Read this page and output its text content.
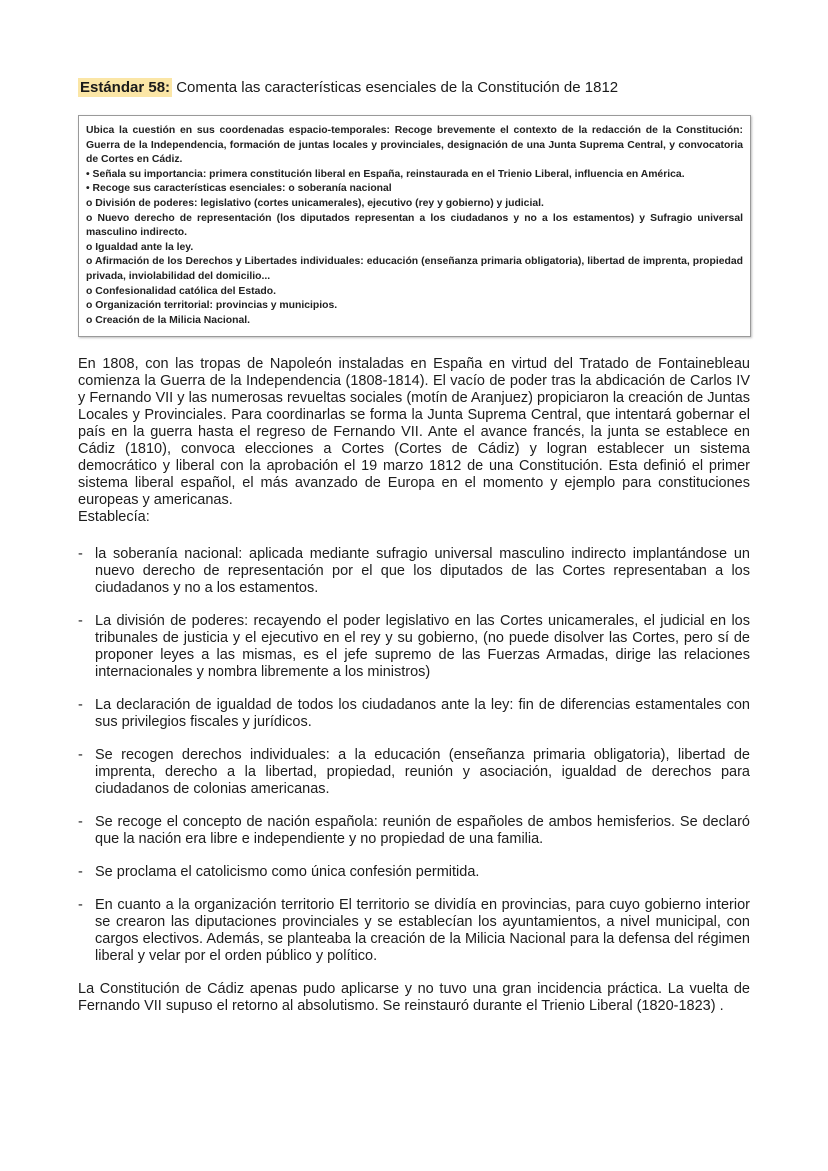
Estándar 58: Comenta las características esenciales de la Constitución de 1812

Ubica la cuestión en sus coordenadas espacio-temporales: Recoge brevemente el contexto de la redacción de la Constitución: Guerra de la Independencia, formación de juntas locales y provinciales, designación de una Junta Suprema Central, y convocatoria de Cortes en Cádiz.

• Señala su importancia: primera constitución liberal en España, reinstaurada en el Trienio Liberal, influencia en América.

• Recoge sus características esenciales: o soberanía nacional

o División de poderes: legislativo (cortes unicamerales), ejecutivo (rey y gobierno) y judicial.

o Nuevo derecho de representación (los diputados representan a los ciudadanos y no a los estamentos) y Sufragio universal masculino indirecto.

o Igualdad ante la ley.

o Afirmación de los Derechos y Libertades individuales: educación (enseñanza primaria obligatoria), libertad de imprenta, propiedad privada, inviolabilidad del domicilio...

o Confesionalidad católica del Estado.

o Organización territorial: provincias y municipios.

o Creación de la Milicia Nacional.

En 1808, con las tropas de Napoleón instaladas en España en virtud del Tratado de Fontainebleau comienza la Guerra de la Independencia (1808-1814). El vacío de poder tras la abdicación de Carlos IV y Fernando VII y las numerosas revueltas sociales (motín de Aranjuez) propiciaron la creación de Juntas Locales y Provinciales. Para coordinarlas se forma la Junta Suprema Central, que intentará gobernar el país en la guerra hasta el regreso de Fernando VII. Ante el avance francés, la junta se establece en Cádiz (1810), convoca elecciones a Cortes (Cortes de Cádiz) y logran establecer un sistema democrático y liberal con la aprobación el 19 marzo 1812 de una Constitución. Esta definió el primer sistema liberal español, el más avanzado de Europa en el momento y ejemplo para constituciones europeas y americanas.
Establecía:

- la soberanía nacional: aplicada mediante sufragio universal masculino indirecto implantándose un nuevo derecho de representación por el que los diputados de las Cortes representaban a los ciudadanos y no a los estamentos.
- La división de poderes: recayendo el poder legislativo en las Cortes unicamerales, el judicial en los tribunales de justicia y el ejecutivo en el rey y su gobierno, (no puede disolver las Cortes, pero sí de proponer leyes a las mismas, es el jefe supremo de las Fuerzas Armadas, dirige las relaciones internacionales y nombra libremente a los ministros)
- La declaración de igualdad de todos los ciudadanos ante la ley: fin de diferencias estamentales con sus privilegios fiscales y jurídicos.
- Se recogen derechos individuales: a la educación (enseñanza primaria obligatoria), libertad de imprenta, derecho a la libertad, propiedad, reunión y asociación, igualdad de derechos para ciudadanos de colonias americanas.
- Se recoge el concepto de nación española: reunión de españoles de ambos hemisferios. Se declaró que la nación era libre e independiente y no propiedad de una familia.
- Se proclama el catolicismo como única confesión permitida.
- En cuanto a la organización territorio El territorio se dividía en provincias, para cuyo gobierno interior se crearon las diputaciones provinciales y se establecían los ayuntamientos, a nivel municipal, con cargos electivos. Además, se planteaba la creación de la Milicia Nacional para la defensa del régimen liberal y velar por el orden público y político.

La Constitución de Cádiz apenas pudo aplicarse y no tuvo una gran incidencia práctica. La vuelta de Fernando VII supuso el retorno al absolutismo. Se reinstauró durante el Trienio Liberal (1820-1823) .
